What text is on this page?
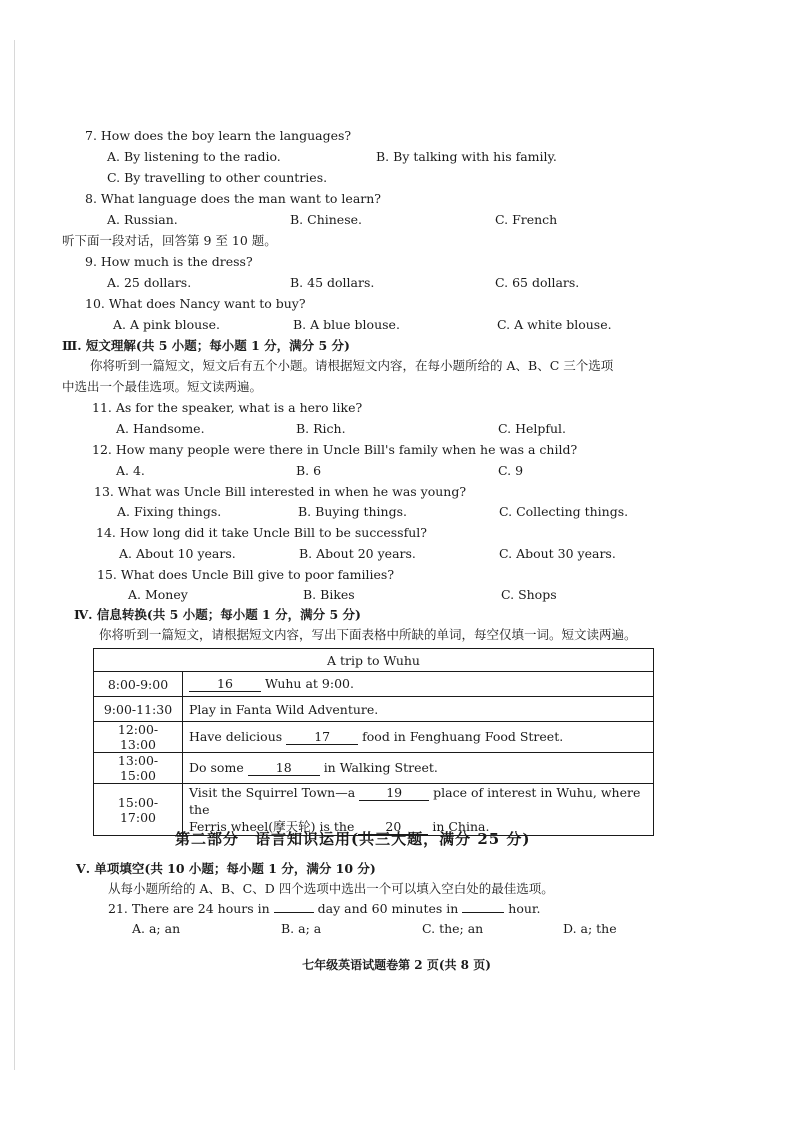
7. How does the boy learn the languages?
A. By listening to the radio.	B. By talking with his family.
C. By travelling to other countries.
8. What language does the man want to learn?
A. Russian.	B. Chinese.	C. French
听下面一段对话，回答第 9 至 10 题。
9. How much is the dress?
A. 25 dollars.	B. 45 dollars.	C. 65 dollars.
10. What does Nancy want to buy?
A. A pink blouse.	B. A blue blouse.	C. A white blouse.
Ⅲ. 短文理解(共 5 小题；每小题 1 分，满分 5 分)
你将听到一篇短文，短文后有五个小题。请根据短文内容，在每小题所给的 A、B、C 三个选项
中选出一个最佳选项。短文读两遍。
11. As for the speaker, what is a hero like?
A. Handsome.	B. Rich.	C. Helpful.
12. How many people were there in Uncle Bill's family when he was a child?
A. 4.	B. 6	C. 9
13. What was Uncle Bill interested in when he was young?
A. Fixing things.	B. Buying things.	C. Collecting things.
14. How long did it take Uncle Bill to be successful?
A. About 10 years.	B. About 20 years.	C. About 30 years.
15. What does Uncle Bill give to poor families?
A. Money	B. Bikes	C. Shops
Ⅳ. 信息转换(共 5 小题；每小题 1 分，满分 5 分)
你将听到一篇短文，请根据短文内容，写出下面表格中所缺的单词，每空仅填一词。短文读两遍。
A trip to Wuhu	
8:00-9:00	16 Wuhu at 9:00.
9:00-11:30	Play in Fanta Wild Adventure.
12:00-13:00	Have delicious 17 food in Fenghuang Food Street.
13:00-15:00	Do some 18 in Walking Street.
15:00-17:00	Visit the Squirrel Town—a 19 place of interest in Wuhu, where the
Ferris wheel(摩天轮) is the 20 in China.
第二部分　语言知识运用(共三大题，满分 25 分)
Ⅴ. 单项填空(共 10 小题；每小题 1 分，满分 10 分)
从每小题所给的 A、B、C、D 四个选项中选出一个可以填入空白处的最佳选项。
21. There are 24 hours in	day and 60 minutes in	hour.
A. a; an	B. a; a	C. the; an	D. a; the
七年级英语试题卷第 2 页(共 8 页)
